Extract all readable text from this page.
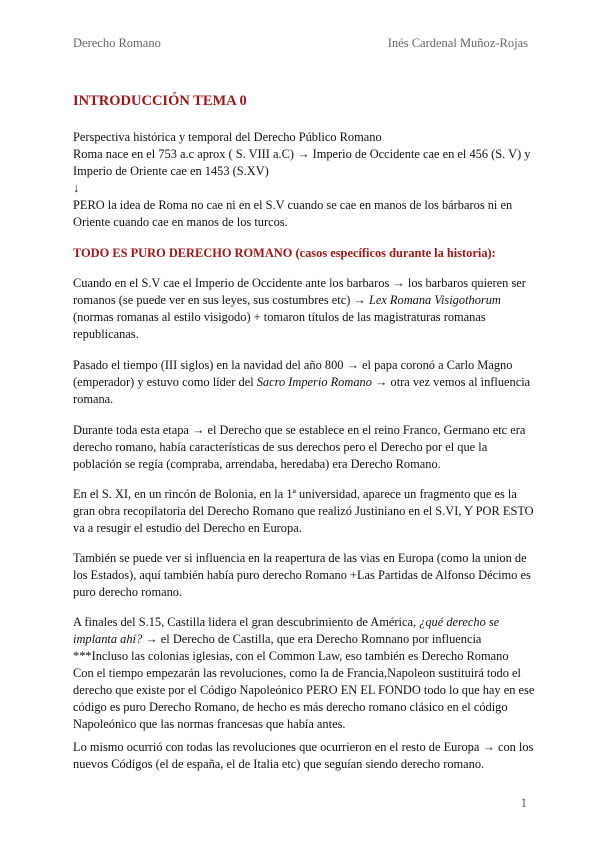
Derecho Romano	Inés Cardenal Muñoz-Rojas
INTRODUCCIÓN TEMA 0
Perspectiva histórica y temporal del Derecho Público Romano
Roma nace en el 753 a.c aprox ( S. VIII a.C) → Imperio de Occidente cae en el 456 (S. V) y
Imperio de Oriente cae en 1453 (S.XV)
↓
PERO la idea de Roma no cae ni en el S.V cuando se cae en manos de los bárbaros ni en
Oriente cuando cae en manos de los turcos.
TODO ES PURO DERECHO ROMANO (casos específicos durante la historia):
Cuando en el S.V cae el Imperio de Occidente ante los barbaros → los barbaros quieren ser
romanos (se puede ver en sus leyes, sus costumbres etc) → Lex Romana Visigothorum
(normas romanas al estilo visigodo) + tomaron títulos de las magistraturas romanas
republicanas.
Pasado el tiempo (III siglos) en la navidad del año 800 → el papa coronó a Carlo Magno
(emperador) y estuvo como líder del Sacro Imperio Romano → otra vez vemos al influencia
romana.
Durante toda esta etapa → el Derecho que se establece en el reino Franco, Germano etc era
derecho romano, había características de sus derechos pero el Derecho por el que la
población se regía (compraba, arrendaba, heredaba) era Derecho Romano.
En el S. XI, en un rincón de Bolonia, en la 1ª universidad, aparece un fragmento que es la
gran obra recopilatoria del Derecho Romano que realizó Justiniano en el S.VI, Y POR ESTO
va a resugir el estudio del Derecho en Europa.
También se puede ver si influencia en la reapertura de las vias en Europa (como la union de
los Estados), aquí también había puro derecho Romano +Las Partidas de Alfonso Décimo es
puro derecho romano.
A finales del S.15, Castilla lidera el gran descubrimiento de América, ¿qué derecho se
implanta ahí? → el Derecho de Castilla, que era Derecho Romnano por influencia
***Incluso las colonias iglesias, con el Common Law, eso también es Derecho Romano
Con el tiempo empezarán las revoluciones, como la de Francia,Napoleon sustituirá todo el
derecho que existe por el Código Napoleónico PERO EN EL FONDO todo lo que hay en ese
código es puro Derecho Romano, de hecho es más derecho romano clásico en el código
Napoleónico que las normas francesas que había antes.
Lo mismo ocurrió con todas las revoluciones que ocurrieron en el resto de Europa → con los
nuevos Códigos (el de españa, el de Italia etc) que seguían siendo derecho romano.
1
